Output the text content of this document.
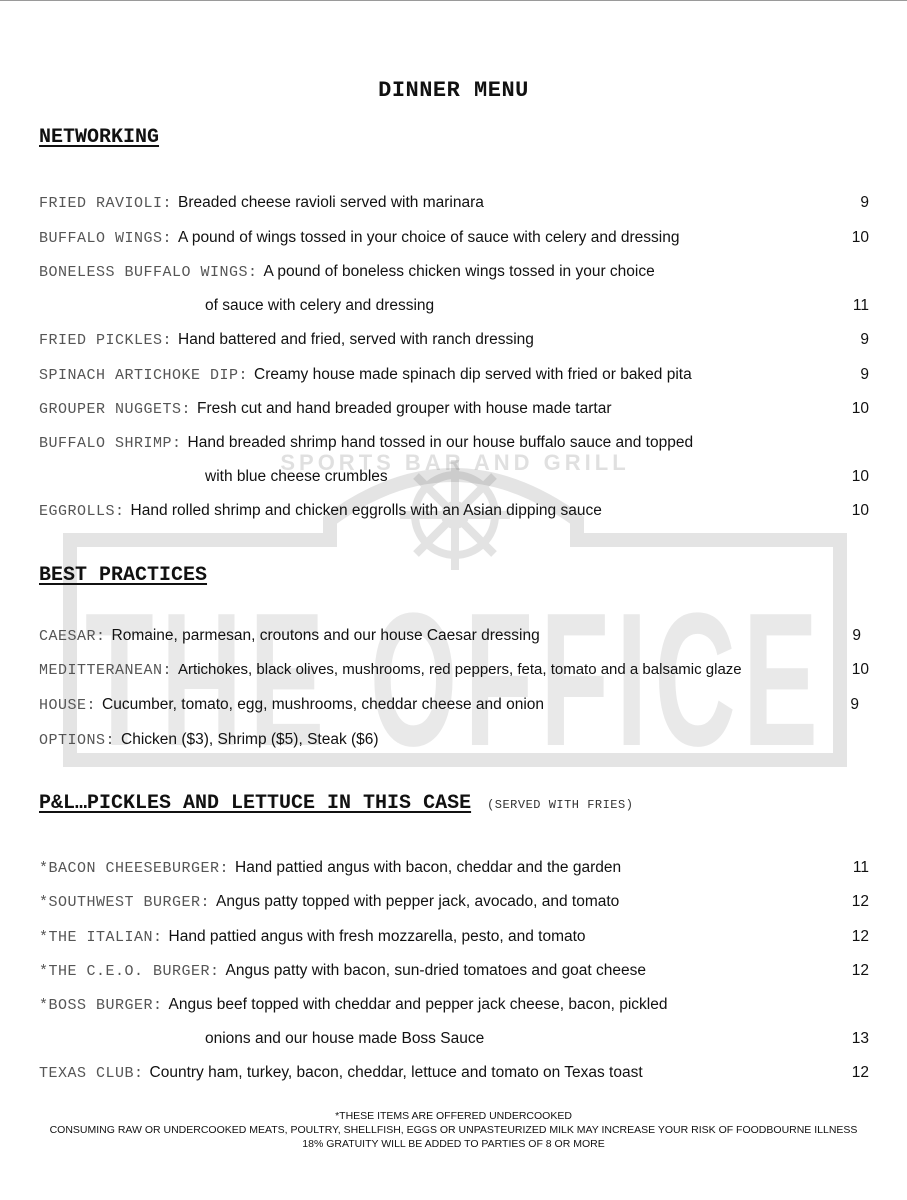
SPORTS BAR AND GRILL
THE OFFICE
DINNER MENU
NETWORKING
FRIED RAVIOLI: Breaded cheese ravioli served with marinara	9
BUFFALO WINGS: A pound of wings tossed in your choice of sauce with celery and dressing	10
BONELESS BUFFALO WINGS: A pound of boneless chicken wings tossed in your choice
of sauce with celery and dressing	11
FRIED PICKLES: Hand battered and fried, served with ranch dressing	9
SPINACH ARTICHOKE DIP: Creamy house made spinach dip served with fried or baked pita	9
GROUPER NUGGETS: Fresh cut and hand breaded grouper with house made tartar	10
BUFFALO SHRIMP: Hand breaded shrimp hand tossed in our house buffalo sauce and topped
with blue cheese crumbles	10
EGGROLLS: Hand rolled shrimp and chicken eggrolls with an Asian dipping sauce	10
BEST PRACTICES
CAESAR: Romaine, parmesan, croutons and our house Caesar dressing	9
MEDITTERANEAN: Artichokes, black olives, mushrooms, red peppers, feta, tomato and a balsamic glaze	10
HOUSE: Cucumber, tomato, egg, mushrooms, cheddar cheese and onion	9
OPTIONS: Chicken ($3), Shrimp ($5), Steak ($6)
P&L…PICKLES AND LETTUCE IN THIS CASE (SERVED WITH FRIES)
*BACON CHEESEBURGER: Hand pattied angus with bacon, cheddar and the garden	11
*SOUTHWEST BURGER: Angus patty topped with pepper jack, avocado, and tomato	12
*THE ITALIAN: Hand pattied angus with fresh mozzarella, pesto, and tomato	12
*THE C.E.O. BURGER: Angus patty with bacon, sun-dried tomatoes and goat cheese	12
*BOSS BURGER: Angus beef topped with cheddar and pepper jack cheese, bacon, pickled
onions and our house made Boss Sauce	13
TEXAS CLUB: Country ham, turkey, bacon, cheddar, lettuce and tomato on Texas toast	12
*THESE ITEMS ARE OFFERED UNDERCOOKED
CONSUMING RAW OR UNDERCOOKED MEATS, POULTRY, SHELLFISH, EGGS OR UNPASTEURIZED MILK MAY INCREASE YOUR RISK OF FOODBOURNE ILLNESS
18% GRATUITY WILL BE ADDED TO PARTIES OF 8 OR MORE
